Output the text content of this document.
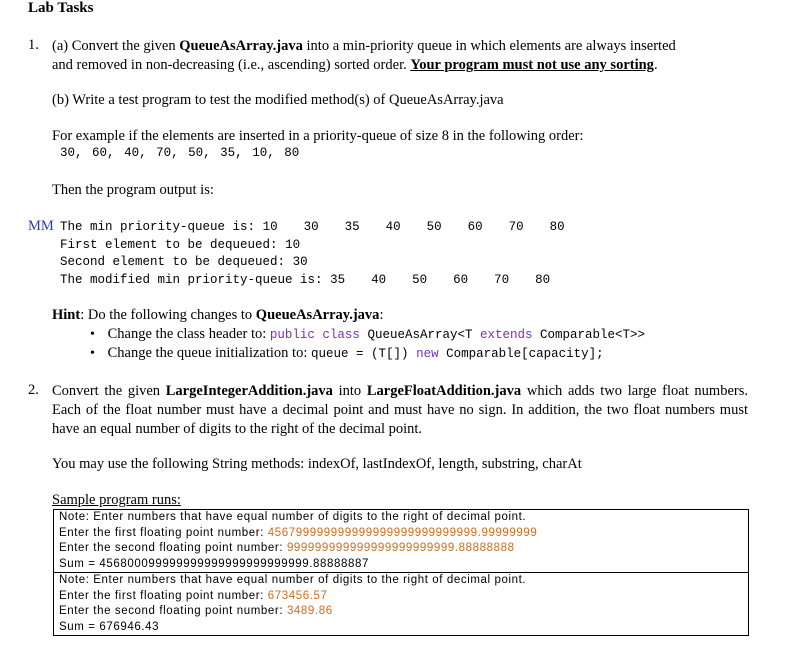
Lab Tasks
1. (a) Convert the given QueueAsArray.java into a min-priority queue in which elements are always inserted
and removed in non-decreasing (i.e., ascending) sorted order. Your program must not use any sorting.
(b) Write a test program to test the modified method(s) of QueueAsArray.java
For example if the elements are inserted in a priority-queue of size 8 in the following order:
30, 60, 40, 70, 50, 35, 10, 80
Then the program output is:
MM The min priority-queue is: 10 30 35 40 50 60 70 80
First element to be dequeued: 10
Second element to be dequeued: 30
The modified min priority-queue is: 35 40 50 60 70 80
Hint: Do the following changes to QueueAsArray.java:
• Change the class header to: public class QueueAsArray<T extends Comparable<T>>
• Change the queue initialization to: queue = (T[]) new Comparable[capacity];
2. Convert the given LargeIntegerAddition.java into LargeFloatAddition.java which adds two large float numbers. Each of the float number must have a decimal point and must have no sign. In addition, the two float numbers must have an equal number of digits to the right of the decimal point.
You may use the following String methods: indexOf, lastIndexOf, length, substring, charAt
Sample program runs:
Note: Enter numbers that have equal number of digits to the right of decimal point.
Enter the first floating point number: 456799999999999999999999999999.99999999
Enter the second floating point number: 999999999999999999999999.88888888
Sum = 456800099999999999999999999999.88888887
Note: Enter numbers that have equal number of digits to the right of decimal point.
Enter the first floating point number: 673456.57
Enter the second floating point number: 3489.86
Sum = 676946.43
